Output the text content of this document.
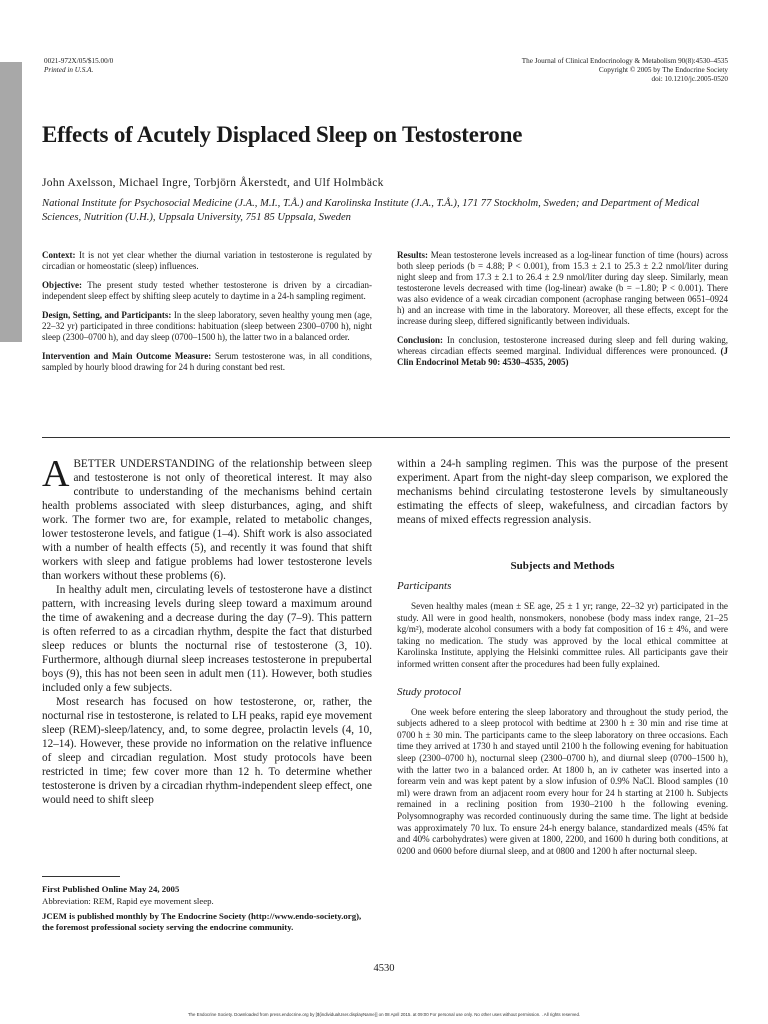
0021-972X/05/$15.00/0
Printed in U.S.A.
The Journal of Clinical Endocrinology & Metabolism 90(8):4530–4535
Copyright © 2005 by The Endocrine Society
doi: 10.1210/jc.2005-0520
Effects of Acutely Displaced Sleep on Testosterone
John Axelsson, Michael Ingre, Torbjörn Åkerstedt, and Ulf Holmbäck
National Institute for Psychosocial Medicine (J.A., M.I., T.Å.) and Karolinska Institute (J.A., T.Å.), 171 77 Stockholm, Sweden; and Department of Medical Sciences, Nutrition (U.H.), Uppsala University, 751 85 Uppsala, Sweden

Context: It is not yet clear whether the diurnal variation in testosterone is regulated by circadian or homeostatic (sleep) influences.

Objective: The present study tested whether testosterone is driven by a circadian-independent sleep effect by shifting sleep acutely to daytime in a 24-h sampling regiment.

Design, Setting, and Participants: In the sleep laboratory, seven healthy young men (age, 22–32 yr) participated in three conditions: habituation (sleep between 2300–0700 h), night sleep (2300–0700 h), and day sleep (0700–1500 h), the latter two in a balanced order.

Intervention and Main Outcome Measure: Serum testosterone was, in all conditions, sampled by hourly blood drawing for 24 h during constant bed rest.

Results: Mean testosterone levels increased as a log-linear function of time (hours) across both sleep periods (b = 4.88; P < 0.001), from 15.3 ± 2.1 to 25.3 ± 2.2 nmol/liter during night sleep and from 17.3 ± 2.1 to 26.4 ± 2.9 nmol/liter during day sleep. Similarly, mean testosterone levels decreased with time (log-linear) awake (b = −1.80; P < 0.001). There was also evidence of a weak circadian component (acrophase ranging between 0651–0924 h) and an increase with time in the laboratory. Moreover, all these effects, except for the increase during sleep, differed significantly between individuals.

Conclusion: In conclusion, testosterone increased during sleep and fell during waking, whereas circadian effects seemed marginal. Individual differences were pronounced. (J Clin Endocrinol Metab 90: 4530–4535, 2005)

ABETTER UNDERSTANDING of the relationship between sleep and testosterone is not only of theoretical interest. It may also contribute to understanding of the mechanisms behind certain health problems associated with sleep disturbances, aging, and shift work. The former two are, for example, related to metabolic changes, lower testosterone levels, and fatigue (1–4). Shift work is also associated with a number of health effects (5), and recently it was found that shift workers with sleep and fatigue problems had lower testosterone levels than workers without these problems (6).

In healthy adult men, circulating levels of testosterone have a distinct pattern, with increasing levels during sleep toward a maximum around the time of awakening and a decrease during the day (7–9). This pattern is often referred to as a circadian rhythm, despite the fact that disturbed sleep reduces or blunts the nocturnal rise of testosterone (3, 10). Furthermore, although diurnal sleep increases testosterone in prepubertal boys (9), this has not been seen in adult men (11). However, both studies included only a few subjects.

Most research has focused on how testosterone, or, rather, the nocturnal rise in testosterone, is related to LH peaks, rapid eye movement sleep (REM)-sleep/latency, and, to some degree, prolactin levels (4, 10, 12–14). However, these provide no information on the relative influence of sleep and circadian regulation. Most study protocols have been restricted in time; few cover more than 12 h. To determine whether testosterone is driven by a circadian rhythm-independent sleep effect, one would need to shift sleep

within a 24-h sampling regimen. This was the purpose of the present experiment. Apart from the night-day sleep comparison, we explored the mechanisms behind circulating testosterone levels by simultaneously estimating the effects of sleep, wakefulness, and circadian factors by means of mixed effects regression analysis.

Subjects and Methods
Participants

Seven healthy males (mean ± SE age, 25 ± 1 yr; range, 22–32 yr) participated in the study. All were in good health, nonsmokers, nonobese (body mass index range, 21–25 kg/m²), moderate alcohol consumers with a body fat composition of 16 ± 4%, and were taking no medication. The study was approved by the local ethical committee at Karolinska Institute, applying the Helsinki committee rules. All participants gave their informed written consent after the procedures had been fully explained.

Study protocol

One week before entering the sleep laboratory and throughout the study period, the subjects adhered to a sleep protocol with bedtime at 2300 h ± 30 min and rise time at 0700 h ± 30 min. The participants came to the sleep laboratory on three occasions. Each time they arrived at 1730 h and stayed until 2100 h the following evening for habituation sleep (2300–0700 h), nocturnal sleep (2300–0700 h), and diurnal sleep (0700–1500 h), with the latter two in a balanced order. At 1800 h, an iv catheter was inserted into a forearm vein and was kept patent by a slow infusion of 0.9% NaCl. Blood samples (10 ml) were drawn from an adjacent room every hour for 24 h starting at 2100 h. Subjects remained in a reclining position from 1930–2100 h the following evening. Polysomnography was recorded continuously during the same time. The light at bedside was approximately 70 lux. To ensure 24-h energy balance, standardized meals (45% fat and 40% carbohydrates) were given at 1800, 2200, and 1600 h during both conditions, at 0200 and 0600 before diurnal sleep, and at 0800 and 1200 h after nocturnal sleep.

First Published Online May 24, 2005

Abbreviation: REM, Rapid eye movement sleep.

JCEM is published monthly by The Endocrine Society (http://www.endo-society.org), the foremost professional society serving the endocrine community.

4530
The Endocrine Society. Downloaded from press.endocrine.org by [${individualUser.displayName}] on 08 April 2015. at 09:00 For personal use only. No other uses without permission. . All rights reserved.
